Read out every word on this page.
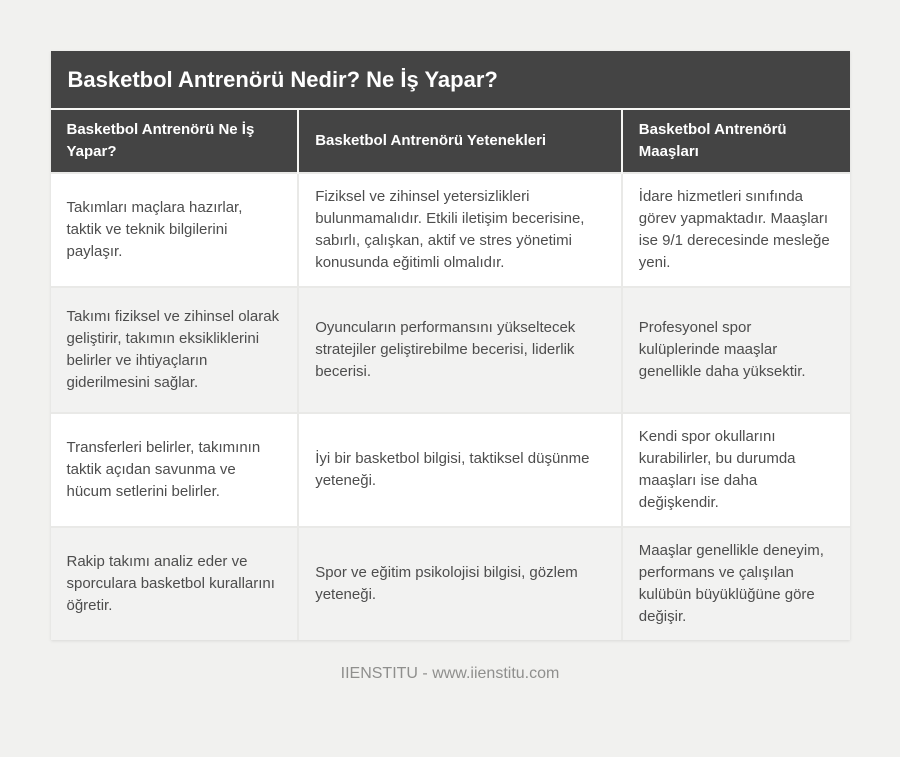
Basketbol Antrenörü Nedir? Ne İş Yapar?
Basketbol Antrenörü Ne İş Yapar?	Basketbol Antrenörü Yetenekleri	Basketbol Antrenörü Maaşları
Takımları maçlara hazırlar, taktik ve teknik bilgilerini paylaşır.	Fiziksel ve zihinsel yetersizlikleri bulunmamalıdır. Etkili iletişim becerisine, sabırlı, çalışkan, aktif ve stres yönetimi konusunda eğitimli olmalıdır.	İdare hizmetleri sınıfında görev yapmaktadır. Maaşları ise 9/1 derecesinde mesleğe yeni.
Takımı fiziksel ve zihinsel olarak geliştirir, takımın eksikliklerini belirler ve ihtiyaçların giderilmesini sağlar.	Oyuncuların performansını yükseltecek stratejiler geliştirebilme becerisi, liderlik becerisi.	Profesyonel spor kulüplerinde maaşlar genellikle daha yüksektir.
Transferleri belirler, takımının taktik açıdan savunma ve hücum setlerini belirler.	İyi bir basketbol bilgisi, taktiksel düşünme yeteneği.	Kendi spor okullarını kurabilirler, bu durumda maaşları ise daha değişkendir.
Rakip takımı analiz eder ve sporculara basketbol kurallarını öğretir.	Spor ve eğitim psikolojisi bilgisi, gözlem yeteneği.	Maaşlar genellikle deneyim, performans ve çalışılan kulübün büyüklüğüne göre değişir.
IIENSTITU - www.iienstitu.com
